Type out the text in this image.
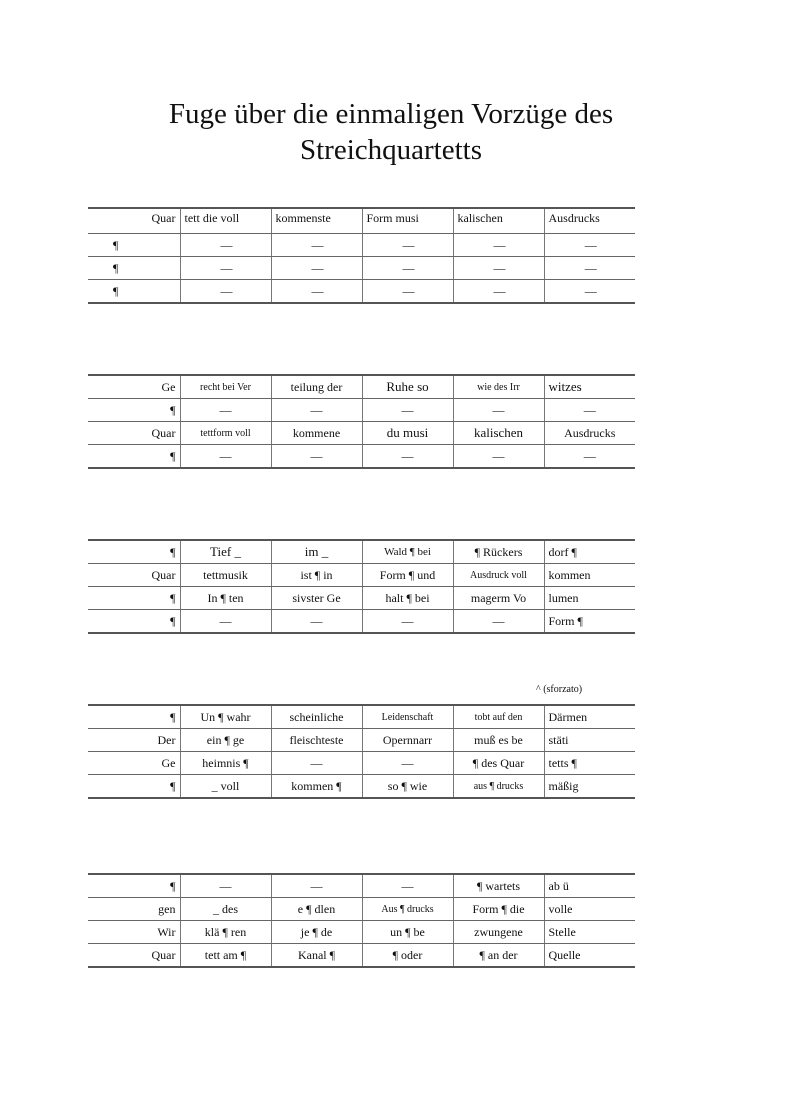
Fuge über die einmaligen Vorzüge des Streichquartetts
Quar	tett die voll	kommenste	Form musi	kalischen	Ausdrucks
¶	—	—	—	—	—
¶	—	—	—	—	—
¶	—	—	—	—	—
Ge	recht bei Ver	teilung der	Ruhe so	wie des Irr	witzes
¶	—	—	—	—	—
Quar	tettform voll	kommene	du musi	kalischen	Ausdrucks
¶	—	—	—	—	—
¶	Tief _	im _	Wald ¶ bei	¶ Rückers	dorf ¶
Quar	tettmusik	ist ¶ in	Form ¶ und	Ausdruck voll	kommen
¶	In ¶ ten	sivster Ge	halt ¶ bei	magerm Vo	lumen
¶	—	—	—	—	Form ¶
^ (sforzato)
¶	Un ¶ wahr	scheinliche	Leidenschaft	tobt auf den	Därmen
Der	ein ¶ ge	fleischteste	Opernnarr	muß es be	stäti
Ge	heimnis ¶	—	—	¶ des Quar	tetts ¶
¶	_ voll	kommen ¶	so ¶ wie	aus ¶ drucks	mäßig
¶	—	—	—	¶ wartets	ab ü
gen	_ des	e ¶ dlen	Aus ¶ drucks	Form ¶ die	volle
Wir	klä ¶ ren	je ¶ de	un ¶ be	zwungene	Stelle
Quar	tett am ¶	Kanal ¶	¶ oder	¶ an der	Quelle
